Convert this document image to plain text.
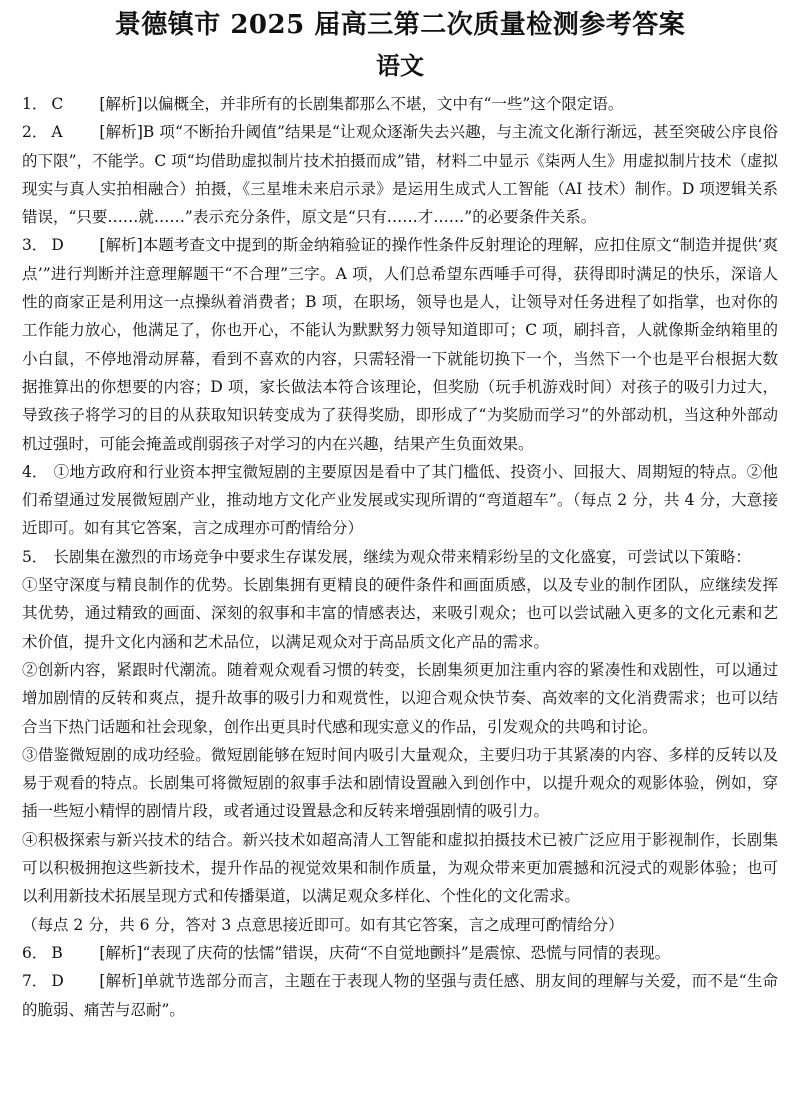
景德镇市 2025 届高三第二次质量检测参考答案
语文

1． C [解析]以偏概全，并非所有的长剧集都那么不堪，文中有“一些”这个限定语。

2． A [解析]B 项“不断抬升阈值”结果是“让观众逐渐失去兴趣，与主流文化渐行渐远，甚至突破公序良俗的下限”，不能学。C 项“均借助虚拟制片技术拍摄而成”错，材料二中显示《柒两人生》用虚拟制片技术（虚拟现实与真人实拍相融合）拍摄，《三星堆未来启示录》是运用生成式人工智能（AI 技术）制作。D 项逻辑关系错误，“只要……就……”表示充分条件，原文是“只有……才……”的必要条件关系。

3． D [解析]本题考查文中提到的斯金纳箱验证的操作性条件反射理论的理解，应扣住原文“制造并提供‘爽点’”进行判断并注意理解题干“不合理”三字。A 项，人们总希望东西唾手可得，获得即时满足的快乐，深谙人性的商家正是利用这一点操纵着消费者；B 项，在职场，领导也是人，让领导对任务进程了如指掌，也对你的工作能力放心，他满足了，你也开心，不能认为默默努力领导知道即可；C 项，刷抖音，人就像斯金纳箱里的小白鼠，不停地滑动屏幕，看到不喜欢的内容，只需轻滑一下就能切换下一个，当然下一个也是平台根据大数据推算出的你想要的内容；D 项，家长做法本符合该理论，但奖励（玩手机游戏时间）对孩子的吸引力过大，导致孩子将学习的目的从获取知识转变成为了获得奖励，即形成了“为奖励而学习”的外部动机，当这种外部动机过强时，可能会掩盖或削弱孩子对学习的内在兴趣，结果产生负面效果。

4． ①地方政府和行业资本押宝微短剧的主要原因是看中了其门槛低、投资小、回报大、周期短的特点。②他们希望通过发展微短剧产业，推动地方文化产业发展或实现所谓的“弯道超车”。（每点 2 分，共 4 分，大意接近即可。如有其它答案，言之成理亦可酌情给分）

5． 长剧集在激烈的市场竞争中要求生存谋发展，继续为观众带来精彩纷呈的文化盛宴，可尝试以下策略：

①坚守深度与精良制作的优势。长剧集拥有更精良的硬件条件和画面质感，以及专业的制作团队，应继续发挥其优势，通过精致的画面、深刻的叙事和丰富的情感表达，来吸引观众；也可以尝试融入更多的文化元素和艺术价值，提升文化内涵和艺术品位，以满足观众对于高品质文化产品的需求。

②创新内容，紧跟时代潮流。随着观众观看习惯的转变，长剧集须更加注重内容的紧凑性和戏剧性，可以通过增加剧情的反转和爽点，提升故事的吸引力和观赏性，以迎合观众快节奏、高效率的文化消费需求；也可以结合当下热门话题和社会现象，创作出更具时代感和现实意义的作品，引发观众的共鸣和讨论。

③借鉴微短剧的成功经验。微短剧能够在短时间内吸引大量观众，主要归功于其紧凑的内容、多样的反转以及易于观看的特点。长剧集可将微短剧的叙事手法和剧情设置融入到创作中，以提升观众的观影体验，例如，穿插一些短小精悍的剧情片段，或者通过设置悬念和反转来增强剧情的吸引力。

④积极探索与新兴技术的结合。新兴技术如超高清人工智能和虚拟拍摄技术已被广泛应用于影视制作，长剧集可以积极拥抱这些新技术，提升作品的视觉效果和制作质量，为观众带来更加震撼和沉浸式的观影体验；也可以利用新技术拓展呈现方式和传播渠道，以满足观众多样化、个性化的文化需求。

（每点 2 分，共 6 分，答对 3 点意思接近即可。如有其它答案，言之成理可酌情给分）

6． B [解析]“表现了庆荷的怯懦”错误，庆荷“不自觉地颤抖”是震惊、恐慌与同情的表现。

7． D [解析]单就节选部分而言，主题在于表现人物的坚强与责任感、朋友间的理解与关爱，而不是“生命的脆弱、痛苦与忍耐”。
